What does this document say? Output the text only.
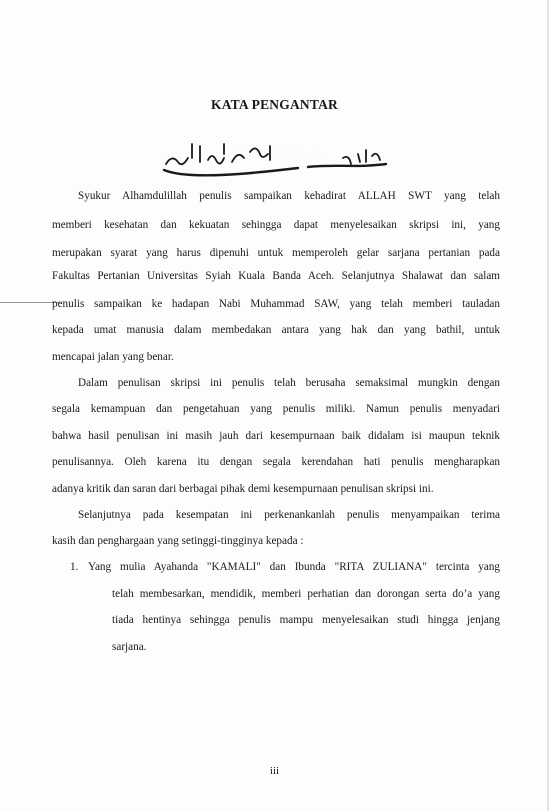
KATA PENGANTAR
Syukur Alhamdulillah penulis sampaikan kehadirat ALLAH SWT yang telah
memberi kesehatan dan kekuatan sehingga dapat menyelesaikan skripsi ini, yang
merupakan syarat yang harus dipenuhi untuk memperoleh gelar sarjana pertanian pada
Fakultas Pertanian Universitas Syiah Kuala Banda Aceh. Selanjutnya Shalawat dan salam
penulis sampaikan ke hadapan Nabi Muhammad SAW, yang telah memberi tauladan
kepada umat manusia dalam membedakan antara yang hak dan yang bathil, untuk
mencapai jalan yang benar.
Dalam penulisan skripsi ini penulis telah berusaha semaksimal mungkin dengan
segala kemampuan dan pengetahuan yang penulis miliki. Namun penulis menyadari
bahwa hasil penulisan ini masih jauh dari kesempurnaan baik didalam isi maupun teknik
penulisannya. Oleh karena itu dengan segala kerendahan hati penulis mengharapkan
adanya kritik dan saran dari berbagai pihak demi kesempurnaan penulisan skripsi ini.
Selanjutnya pada kesempatan ini perkenankanlah penulis menyampaikan terima
kasih dan penghargaan yang setinggi-tingginya kepada :
1. Yang mulia Ayahanda "KAMALI" dan Ibunda "RITA ZULIANA" tercinta yang
telah membesarkan, mendidik, memberi perhatian dan dorongan serta do’a yang
tiada hentinya sehingga penulis mampu menyelesaikan studi hingga jenjang
sarjana.
iii
